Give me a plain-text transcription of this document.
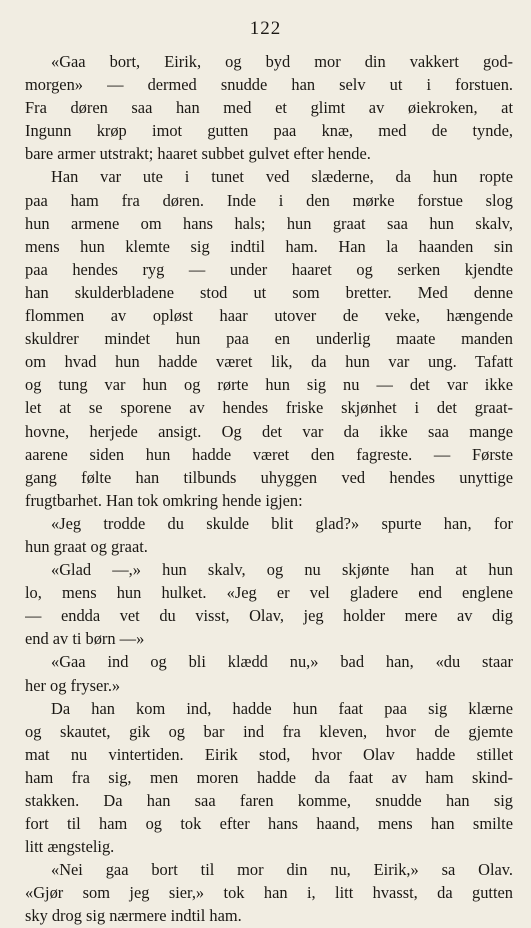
122
«Gaa bort, Eirik, og byd mor din vakkert god-
morgen» — dermed snudde han selv ut i forstuen.
Fra døren saa han med et glimt av øiekroken, at
Ingunn krøp imot gutten paa knæ, med de tynde,
bare armer utstrakt; haaret subbet gulvet efter hende.
Han var ute i tunet ved slæderne, da hun ropte
paa ham fra døren. Inde i den mørke forstue slog
hun armene om hans hals; hun graat saa hun skalv,
mens hun klemte sig indtil ham. Han la haanden sin
paa hendes ryg — under haaret og serken kjendte
han skulderbladene stod ut som bretter. Med denne
flommen av opløst haar utover de veke, hængende
skuldrer mindet hun paa en underlig maate manden
om hvad hun hadde været lik, da hun var ung. Tafatt
og tung var hun og rørte hun sig nu — det var ikke
let at se sporene av hendes friske skjønhet i det graat-
hovne, herjede ansigt. Og det var da ikke saa mange
aarene siden hun hadde været den fagreste. — Første
gang følte han tilbunds uhyggen ved hendes unyttige
frugtbarhet. Han tok omkring hende igjen:
«Jeg trodde du skulde blit glad?» spurte han, for
hun graat og graat.
«Glad —,» hun skalv, og nu skjønte han at hun
lo, mens hun hulket. «Jeg er vel gladere end englene
— endda vet du visst, Olav, jeg holder mere av dig
end av ti børn —»
«Gaa ind og bli klædd nu,» bad han, «du staar
her og fryser.»
Da han kom ind, hadde hun faat paa sig klærne
og skautet, gik og bar ind fra kleven, hvor de gjemte
mat nu vintertiden. Eirik stod, hvor Olav hadde stillet
ham fra sig, men moren hadde da faat av ham skind-
stakken. Da han saa faren komme, snudde han sig
fort til ham og tok efter hans haand, mens han smilte
litt ængstelig.
«Nei gaa bort til mor din nu, Eirik,» sa Olav.
«Gjør som jeg sier,» tok han i, litt hvasst, da gutten
sky drog sig nærmere indtil ham.
